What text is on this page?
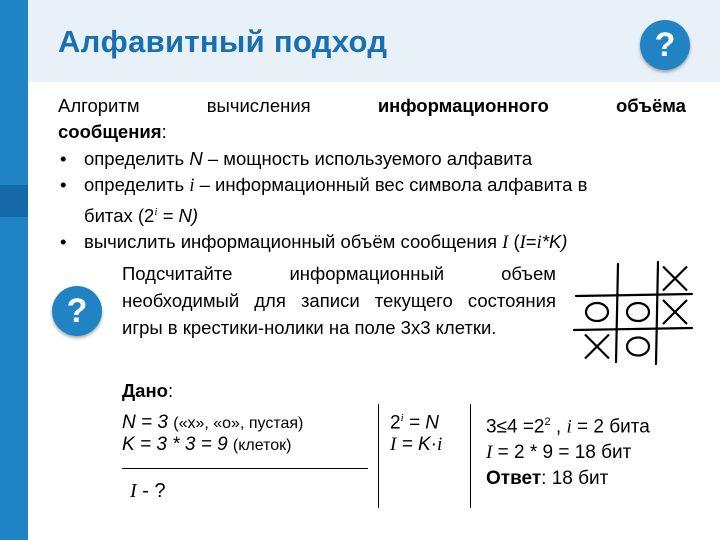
Алфавитный подход	?
Алгоритм	вычисления	информационного	объёма
сообщения:
• определить N – мощность используемого алфавита
• определить i – информационный вес символа алфавита в
битах $(2^i = N)$
• вычислить информационный объём сообщения I (I=i*K)
?
Подсчитайте информационный объем необходимый для записи текущего состояния игры в крестики-нолики на поле 3х3 клетки.
Дано:
N = 3 («х», «о», пустая)
K = 3 * 3 = 9 (клеток)
I - ?
$2^i = N$
I = K·i
$3\le 4 =2^2$ , i = 2 бита
I = 2 * 9 = 18 бит
Ответ: 18 бит
